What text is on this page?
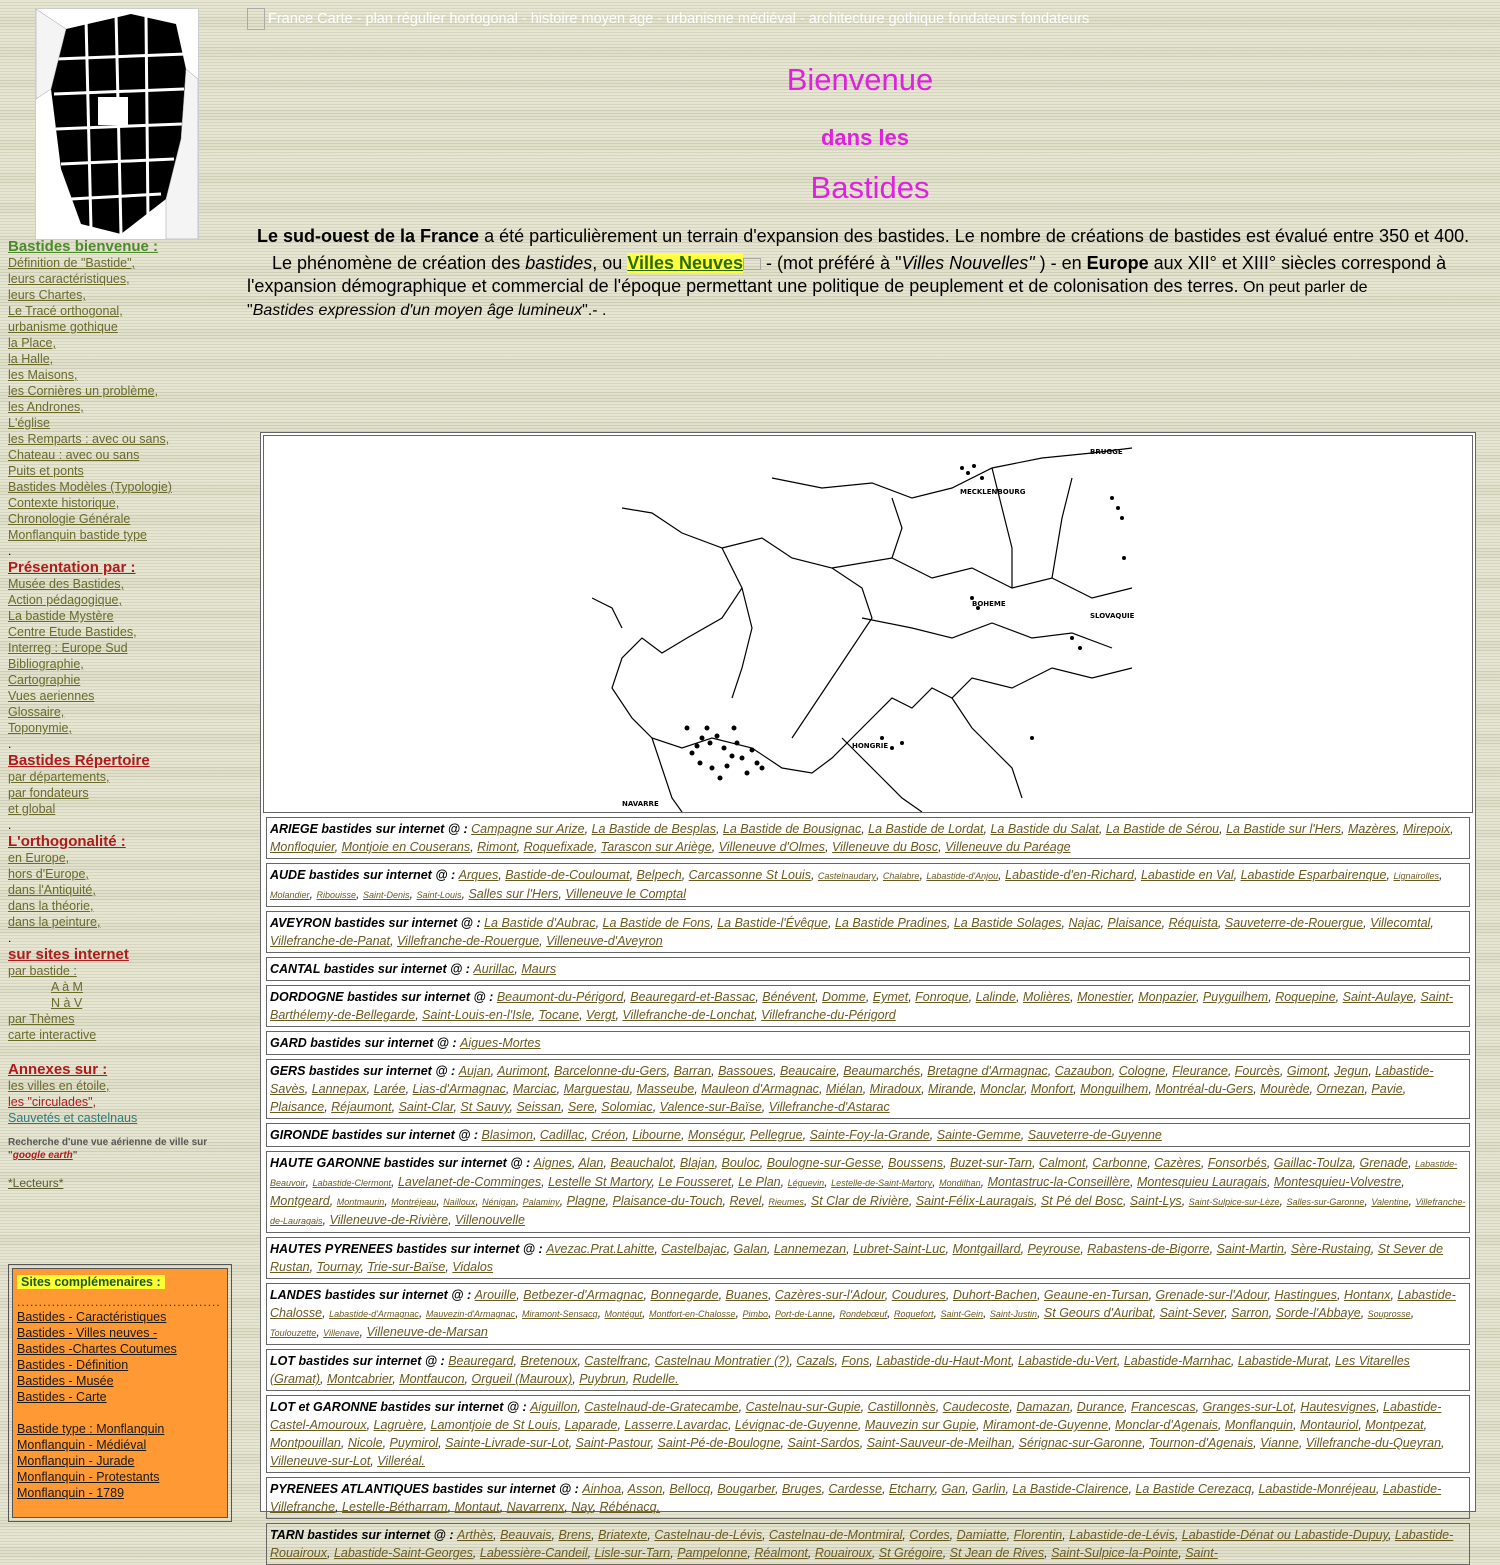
Bastides bienvenue :
Définition de "Bastide",
leurs caractéristiques,
leurs Chartes,
Le Tracé orthogonal,
urbanisme gothique
la Place,
la Halle,
les Maisons,
les Cornières un problème,
les Andrones,
L'église
les Remparts : avec ou sans,
Chateau : avec ou sans
Puits et ponts
Bastides Modèles (Typologie)
Contexte historique,
Chronologie Générale
Monflanquin bastide type
.
Présentation par :
Musée des Bastides,
Action pédagogique,
La bastide Mystère
Centre Etude Bastides,
Interreg : Europe Sud
Bibliographie,
Cartographie
Vues aeriennes
Glossaire,
Toponymie,
.
Bastides Répertoire
par départements,
par fondateurs
et global
.
L'orthogonalité :
en Europe,
hors d'Europe,
dans l'Antiquité,
dans la théorie,
dans la peinture,
.
sur sites internet
par bastide :
A à M
N à V
par Thèmes
carte interactive
Annexes sur :
les villes en étoile,
les "circulades",
Sauvetés et castelnaus
Recherche d'une vue aérienne de ville sur
"google earth"
*Lecteurs*
Sites complémenaires :
...............................................
Bastides - Caractéristiques
Bastides - Villes neuves -
Bastides -Chartes Coutumes
Bastides - Définition
Bastides - Musée
Bastides - Carte
Bastide type : Monflanquin
Monflanquin - Médiéval
Monflanquin - Jurade
Monflanquin - Protestants
Monflanquin - 1789
France Carte - plan régulier hortogonal - histoire moyen age - urbanisme médiéval - architecture gothique fondateurs fondateurs
Bienvenue
dans les
Bastides

Le sud-ouest de la France a été particulièrement un terrain d'expansion des bastides. Le nombre de créations de bastides est évalué entre 350 et 400.

Le phénomène de création des bastides, ou Villes Neuves - (mot préféré à "Villes Nouvelles" ) - en Europe aux XII° et XIII° siècles correspond à l'expansion démographique et commercial de l'époque permettant une politique de peuplement et de colonisation des terres. On peut parler de

"Bastides expression d'un moyen âge lumineux".- .

BRUGGE
MECKLENBOURG
BOHEME
SLOVAQUIE
HONGRIE
NAVARRE
ARIEGE bastides sur internet @ : Campagne sur Arize, La Bastide de Besplas, La Bastide de Bousignac, La Bastide de Lordat, La Bastide du Salat, La Bastide de Sérou, La Bastide sur l'Hers, Mazères, Mirepoix, Monfloquier, Montjoie en Couserans, Rimont, Roquefixade, Tarascon sur Ariège, Villeneuve d'Olmes, Villeneuve du Bosc, Villeneuve du Paréage
AUDE bastides sur internet @ : Arques, Bastide-de-Couloumat, Belpech, Carcassonne St Louis, Castelnaudary, Chalabre, Labastide-d'Anjou, Labastide-d'en-Richard, Labastide en Val, Labastide Esparbairenque, Lignairolles, Molandier, Ribouisse, Saint-Denis, Saint-Louis, Salles sur l'Hers, Villeneuve le Comptal
AVEYRON bastides sur internet @ : La Bastide d'Aubrac, La Bastide de Fons, La Bastide-l'Évêque, La Bastide Pradines, La Bastide Solages, Najac, Plaisance, Réquista, Sauveterre-de-Rouergue, Villecomtal, Villefranche-de-Panat, Villefranche-de-Rouergue, Villeneuve-d'Aveyron
CANTAL bastides sur internet @ : Aurillac, Maurs
DORDOGNE bastides sur internet @ : Beaumont-du-Périgord, Beauregard-et-Bassac, Bénévent, Domme, Eymet, Fonroque, Lalinde, Molières, Monestier, Monpazier, Puyguilhem, Roquepine, Saint-Aulaye, Saint-Barthélemy-de-Bellegarde, Saint-Louis-en-l'Isle, Tocane, Vergt, Villefranche-de-Lonchat, Villefranche-du-Périgord
GARD bastides sur internet @ : Aigues-Mortes
GERS bastides sur internet @ : Aujan, Aurimont, Barcelonne-du-Gers, Barran, Bassoues, Beaucaire, Beaumarchés, Bretagne d'Armagnac, Cazaubon, Cologne, Fleurance, Fourcès, Gimont, Jegun, Labastide-Savès, Lannepax, Larée, Lias-d'Armagnac, Marciac, Marguestau, Masseube, Mauleon d'Armagnac, Miélan, Miradoux, Mirande, Monclar, Monfort, Monguilhem, Montréal-du-Gers, Mourède, Ornezan, Pavie, Plaisance, Réjaumont, Saint-Clar, St Sauvy, Seissan, Sere, Solomiac, Valence-sur-Baïse, Villefranche-d'Astarac
GIRONDE bastides sur internet @ : Blasimon, Cadillac, Créon, Libourne, Monségur, Pellegrue, Sainte-Foy-la-Grande, Sainte-Gemme, Sauveterre-de-Guyenne
HAUTE GARONNE bastides sur internet @ : Aignes, Alan, Beauchalot, Blajan, Bouloc, Boulogne-sur-Gesse, Boussens, Buzet-sur-Tarn, Calmont, Carbonne, Cazères, Fonsorbés, Gaillac-Toulza, Grenade, Labastide-Beauvoir, Labastide-Clermont, Lavelanet-de-Comminges, Lestelle St Martory, Le Fousseret, Le Plan, Léguevin, Lestelle-de-Saint-Martory, Mondilhan, Montastruc-la-Conseillère, Montesquieu Lauragais, Montesquieu-Volvestre, Montgeard, Montmaurin, Montréjeau, Nailloux, Nénigan, Palaminy, Plagne, Plaisance-du-Touch, Revel, Rieumes, St Clar de Rivière, Saint-Félix-Lauragais, St Pé del Bosc, Saint-Lys, Saint-Sulpice-sur-Lèze, Salles-sur-Garonne, Valentine, Villefranche-de-Lauragais, Villeneuve-de-Rivière, Villenouvelle
HAUTES PYRENEES bastides sur internet @ : Avezac.Prat.Lahitte, Castelbajac, Galan, Lannemezan, Lubret-Saint-Luc, Montgaillard, Peyrouse, Rabastens-de-Bigorre, Saint-Martin, Sère-Rustaing, St Sever de Rustan, Tournay, Trie-sur-Baïse, Vidalos
LANDES bastides sur internet @ : Arouille, Betbezer-d'Armagnac, Bonnegarde, Buanes, Cazères-sur-l'Adour, Coudures, Duhort-Bachen, Geaune-en-Tursan, Grenade-sur-l'Adour, Hastingues, Hontanx, Labastide-Chalosse, Labastide-d'Armagnac, Mauvezin-d'Armagnac, Miramont-Sensacq, Montégut, Montfort-en-Chalosse, Pimbo, Port-de-Lanne, Rondebœuf, Roquefort, Saint-Gein, Saint-Justin, St Geours d'Auribat, Saint-Sever, Sarron, Sorde-l'Abbaye, Souprosse, Toulouzette, Villenave, Villeneuve-de-Marsan
LOT bastides sur internet @ : Beauregard, Bretenoux, Castelfranc, Castelnau Montratier (?), Cazals, Fons, Labastide-du-Haut-Mont, Labastide-du-Vert, Labastide-Marnhac, Labastide-Murat, Les Vitarelles (Gramat), Montcabrier, Montfaucon, Orgueil (Mauroux), Puybrun, Rudelle.
LOT et GARONNE bastides sur internet @ : Aiguillon, Castelnaud-de-Gratecambe, Castelnau-sur-Gupie, Castillonnès, Caudecoste, Damazan, Durance, Francescas, Granges-sur-Lot, Hautesvignes, Labastide-Castel-Amouroux, Lagruère, Lamontjoie de St Louis, Laparade, Lasserre.Lavardac, Lévignac-de-Guyenne, Mauvezin sur Gupie, Miramont-de-Guyenne, Monclar-d'Agenais, Monflanquin, Montauriol, Montpezat, Montpouillan, Nicole, Puymirol, Sainte-Livrade-sur-Lot, Saint-Pastour, Saint-Pé-de-Boulogne, Saint-Sardos, Saint-Sauveur-de-Meilhan, Sérignac-sur-Garonne, Tournon-d'Agenais, Vianne, Villefranche-du-Queyran, Villeneuve-sur-Lot, Villeréal.
PYRENEES ATLANTIQUES bastides sur internet @ : Ainhoa, Asson, Bellocq, Bougarber, Bruges, Cardesse, Etcharry, Gan, Garlin, La Bastide-Clairence, La Bastide Cerezacq, Labastide-Monréjeau, Labastide-Villefranche, Lestelle-Bétharram, Montaut, Navarrenx, Nay, Rébénacq.
TARN bastides sur internet @ : Arthès, Beauvais, Brens, Briatexte, Castelnau-de-Lévis, Castelnau-de-Montmiral, Cordes, Damiatte, Florentin, Labastide-de-Lévis, Labastide-Dénat ou Labastide-Dupuy, Labastide-Rouairoux, Labastide-Saint-Georges, Labessière-Candeil, Lisle-sur-Tarn, Pampelonne, Réalmont, Rouairoux, St Grégoire, St Jean de Rives, Saint-Sulpice-la-Pointe, Saint-
